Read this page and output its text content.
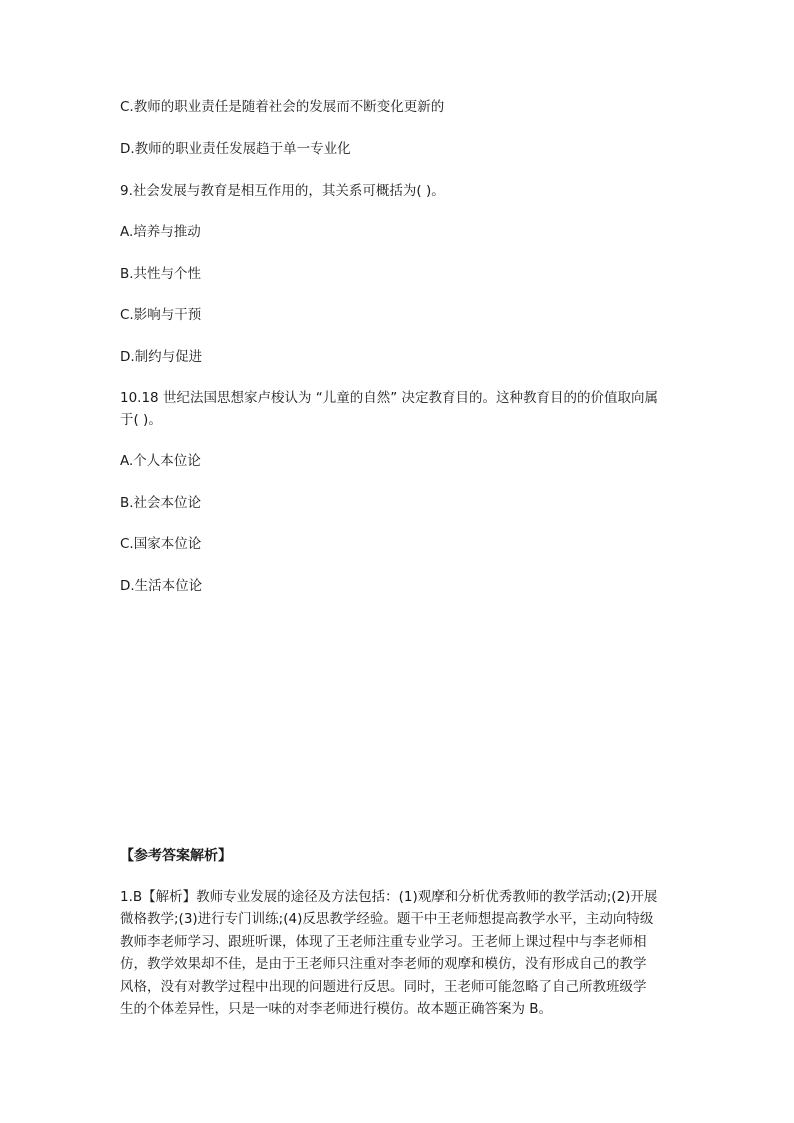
C.教师的职业责任是随着社会的发展而不断变化更新的
D.教师的职业责任发展趋于单一专业化
9.社会发展与教育是相互作用的，其关系可概括为( )。
A.培养与推动
B.共性与个性
C.影响与干预
D.制约与促进
10.18 世纪法国思想家卢梭认为 “儿童的自然” 决定教育目的。这种教育目的的价值取向属
于( )。
A.个人本位论
B.社会本位论
C.国家本位论
D.生活本位论
【参考答案解析】
1.B【解析】教师专业发展的途径及方法包括：(1)观摩和分析优秀教师的教学活动;(2)开展
微格教学;(3)进行专门训练;(4)反思教学经验。题干中王老师想提高教学水平，主动向特级
教师李老师学习、跟班听课，体现了王老师注重专业学习。王老师上课过程中与李老师相
仿，教学效果却不佳，是由于王老师只注重对李老师的观摩和模仿，没有形成自己的教学
风格，没有对教学过程中出现的问题进行反思。同时，王老师可能忽略了自己所教班级学
生的个体差异性，只是一味的对李老师进行模仿。故本题正确答案为 B。
